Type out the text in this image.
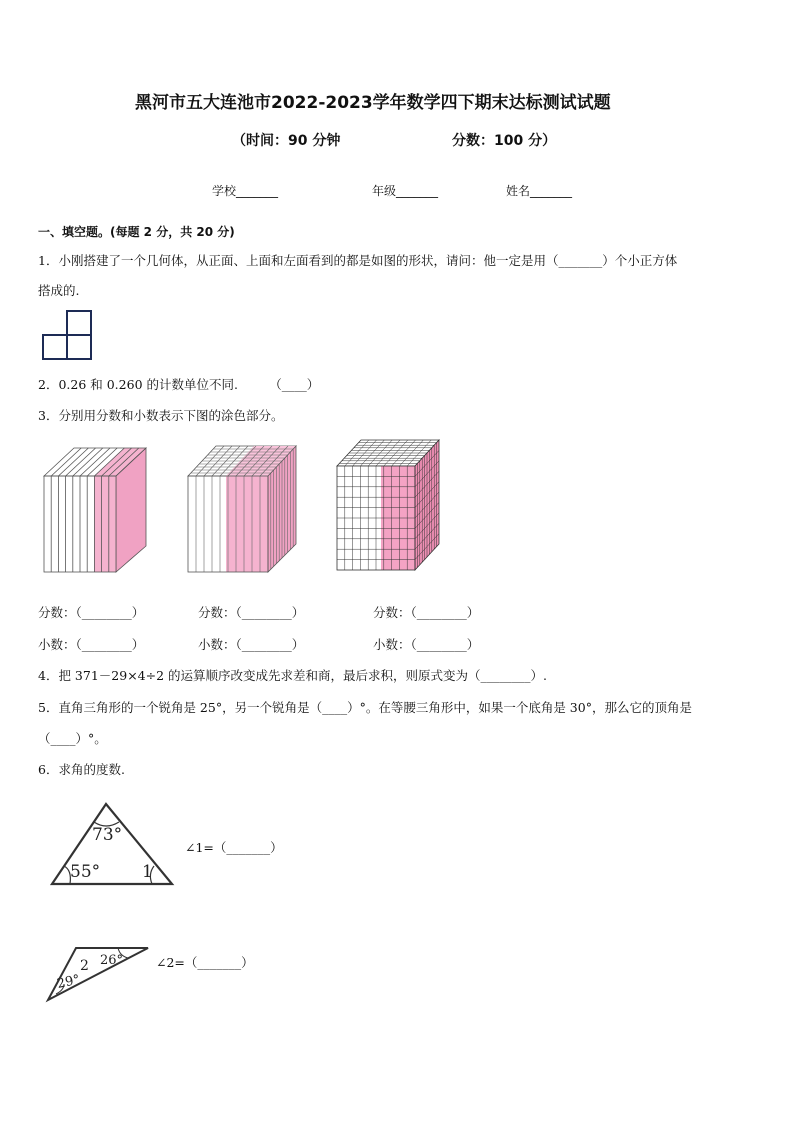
黑河市五大连池市2022-2023学年数学四下期末达标测试试题
（时间：90 分钟	分数：100 分）
学校_______	年级_______	姓名_______
一、填空题。(每题 2 分，共 20 分)
1．小刚搭建了一个几何体，从正面、上面和左面看到的都是如图的形状，请问：他一定是用（_______）个小正方体
搭成的.
2．0.26 和 0.260 的计数单位不同.　　　（____）
3．分别用分数和小数表示下图的涂色部分。
分数：（________）	分数：（________）	分数：（________）
小数：（________）	小数：（________）	小数：（________）
4．把 371－29×4÷2 的运算顺序改变成先求差和商，最后求积，则原式变为（________）.
5．直角三角形的一个锐角是 25°，另一个锐角是（____）°。在等腰三角形中，如果一个底角是 30°，那么它的顶角是
（____）°。
6．求角的度数.
73°
55° 1
∠1=（_______）
2 26°
29°
∠2=（_______）
